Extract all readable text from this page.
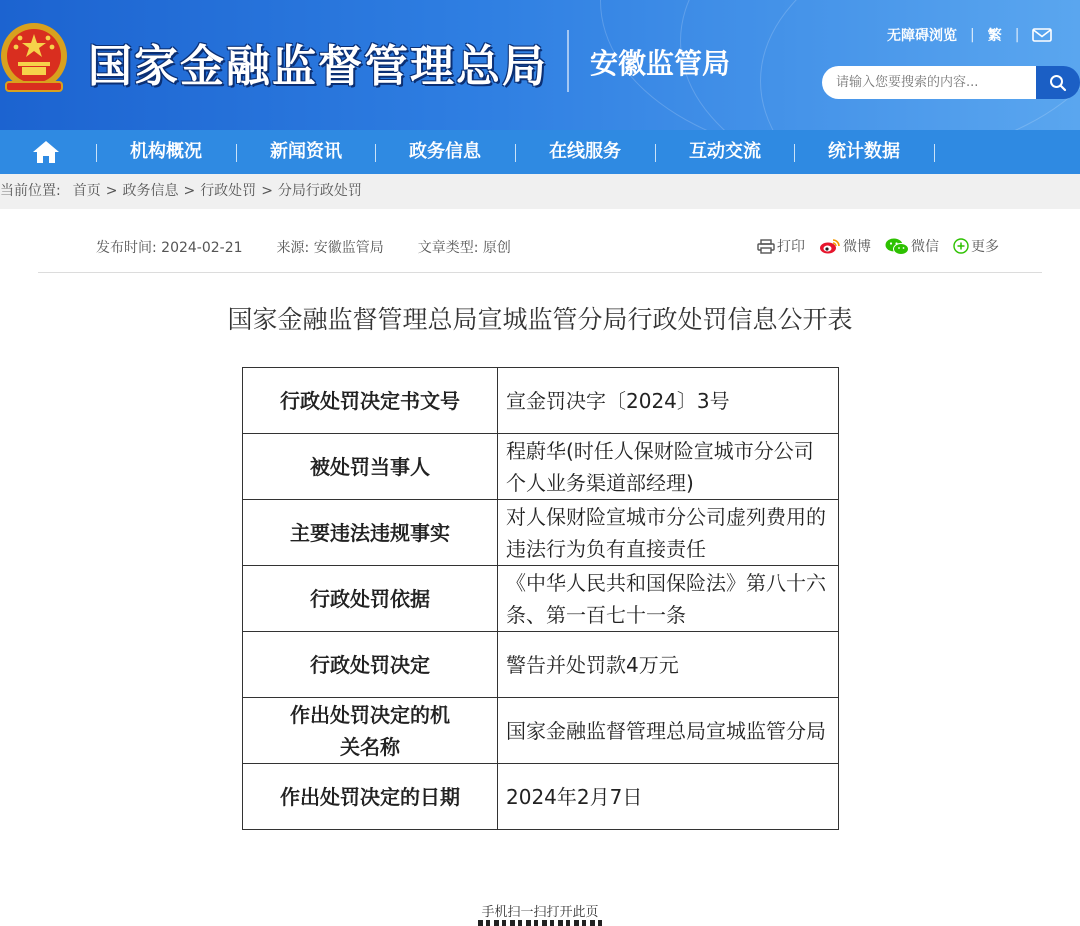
国家金融监督管理总局 安徽监管局
无障碍浏览 | 繁 |
请输入您要搜索的内容...
机构概况	新闻资讯	政务信息	在线服务	互动交流	统计数据
当前位置: 首页 > 政务信息 > 行政处罚 > 分局行政处罚
发布时间: 2024-02-21 来源: 安徽监管局 文章类型: 原创	打印	微博	微信 更多
国家金融监督管理总局宣城监管分局行政处罚信息公开表
行政处罚决定书文号	宣金罚决字〔2024〕3号
被处罚当事人	程蔚华(时任人保财险宣城市分公司个人业务渠道部经理)
主要违法违规事实	对人保财险宣城市分公司虚列费用的违法行为负有直接责任
行政处罚依据	《中华人民共和国保险法》第八十六条、第一百七十一条
行政处罚决定	警告并处罚款4万元
作出处罚决定的机关名称	国家金融监督管理总局宣城监管分局
作出处罚决定的日期	2024年2月7日
手机扫一扫打开此页
